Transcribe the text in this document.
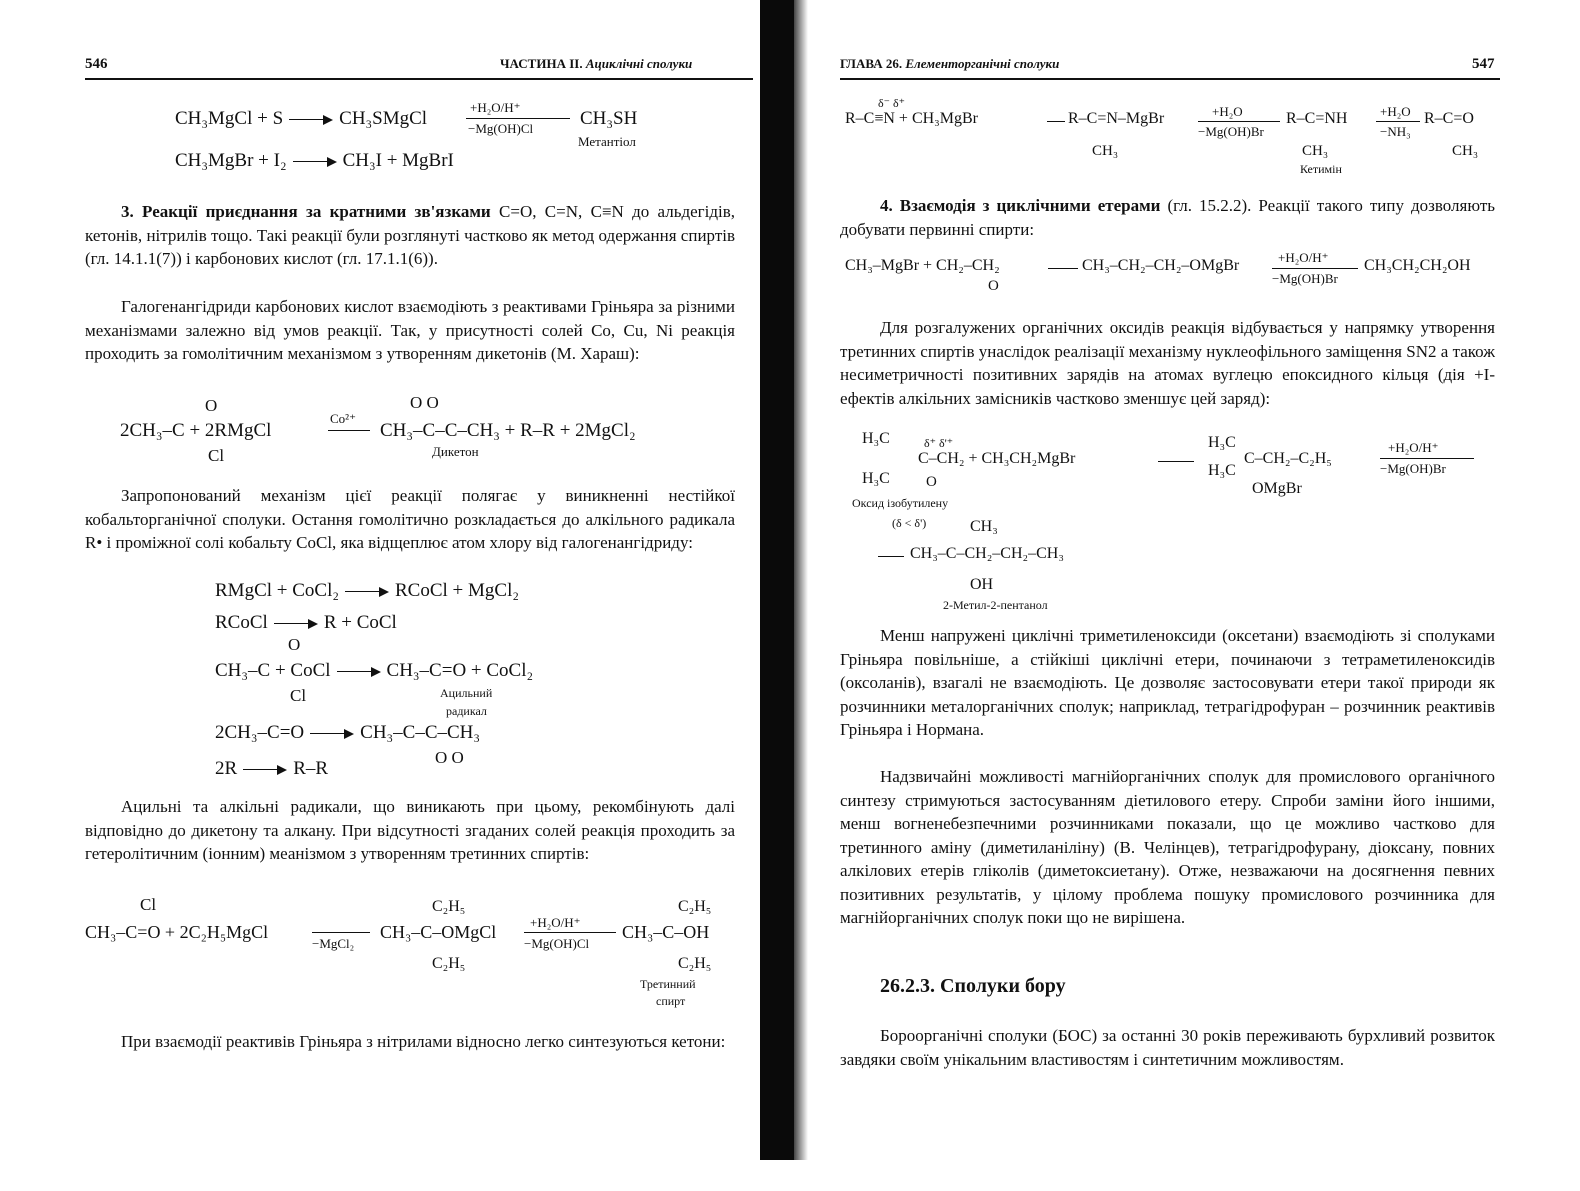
546	ЧАСТИНА II. Ациклічні сполуки
CH₃MgCl + S	CH₃SMgCl
+H₂O/H⁺
−Mg(OH)Cl CH₃SH
Метантіол
CH₃MgBr + I₂	CH₃I + MgBrI
3. Реакції приєднання за кратними зв'язками C=O, C=N, C≡N до альдегідів, кетонів, нітрилів тощо. Такі реакції були розглянуті частково як метод одержання спиртів (гл. 14.1.1(7)) і карбонових кислот (гл. 17.1.1(6)).
Галогенангідриди карбонових кислот взаємодіють з реактивами Гріньяра за різними механізмами залежно від умов реакції. Так, у присутності солей Co, Cu, Ni реакція проходить за гомолітичним механізмом з утворенням дикетонів (М. Хараш):
O
2CH₃–C + 2RMgCl
Cl
Co²⁺
O O
CH₃–C–C–CH₃ + R–R + 2MgCl₂
Дикетон
Запропонований механізм цієї реакції полягає у виникненні нестійкої кобальторганічної сполуки. Остання гомолітично розкладається до алкільного радикала R• і проміжної солі кобальту CoCl, яка відщеплює атом хлору від галогенангідриду:
RMgCl + CoCl₂	RCoCl + MgCl₂
RCoCl	R + CoCl
O
CH₃–C + CoCl	CH₃–C=O + CoCl₂
Cl	Ацильний
радикал
2CH₃–C=O	CH₃–C–C–CH₃
O O
2R	R–R
Ацильні та алкільні радикали, що виникають при цьому, рекомбінують далі відповідно до дикетону та алкану. При відсутності згаданих солей реакція проходить за гетеролітичним (іонним) меанізмом з утворенням третинних спиртів:
Cl
CH₃–C=O + 2C₂H₅MgCl
−MgCl₂
C₂H₅
CH₃–C–OMgCl
C₂H₅
+H₂O/H⁺
−Mg(OH)Cl
C₂H₅
CH₃–C–OH
C₂H₅
Третинний
спирт
При взаємодії реактивів Гріньяра з нітрилами відносно легко синтезуються кетони:
ГЛАВА 26. Елементорганічні сполуки	547
δ⁻ δ⁺
R–C≡N + CH₃MgBr	R–C=N–MgBr
CH₃
+H₂O
−Mg(OH)Br
R–C=NH
CH₃
Кетимін
+H₂O
−NH₃
R–C=O
CH₃
4. Взаємодія з циклічними етерами (гл. 15.2.2). Реакції такого типу дозволяють добувати первинні спирти:
CH₃–MgBr + CH₂–CH₂
O
CH₃–CH₂–CH₂–OMgBr	+H₂O/H⁺
−Mg(OH)Br
CH₃CH₂CH₂OH
Для розгалужених органічних оксидів реакція відбувається у напрямку утворення третинних спиртів унаслідок реалізації механізму нуклеофільного заміщення SN2 а також несиметричності позитивних зарядів на атомах вуглецю епоксидного кільця (дія +I-ефектів алкільних замісників частково зменшує цей заряд):
H₃C	δ⁺ δ'⁺
C–CH₂ + CH₃CH₂MgBr
H₃C O
Оксид ізобутилену
(δ < δ')
H₃C
C–CH₂–C₂H₅
H₃C
OMgBr
+H₂O/H⁺
−Mg(OH)Br
CH₃
CH₃–C–CH₂–CH₂–CH₃
OH
2-Метил-2-пентанол
Менш напружені циклічні триметиленоксиди (оксетани) взаємодіють зі сполуками Гріньяра повільніше, а стійкіші циклічні етери, починаючи з тетраметиленоксидів (оксоланів), взагалі не взаємодіють. Це дозволяє застосовувати етери такої природи як розчинники металорганічних сполук; наприклад, тетрагідрофуран – розчинник реактивів Гріньяра і Нормана.
Надзвичайні можливості магнійорганічних сполук для промислового органічного синтезу стримуються застосуванням діетилового етеру. Спроби заміни його іншими, менш вогненебезпечними розчинниками показали, що це можливо частково для третинного аміну (диметиланіліну) (В. Челінцев), тетрагідрофурану, діоксану, повних алкілових етерів гліколів (диметоксиетану). Отже, незважаючи на досягнення певних позитивних результатів, у цілому проблема пошуку промислового розчинника для магнійорганічних сполук поки що не вирішена.
26.2.3. Сполуки бору
Бороорганічні сполуки (БОС) за останні 30 років переживають бурхливий розвиток завдяки своїм унікальним властивостям і синтетичним можливостям.
